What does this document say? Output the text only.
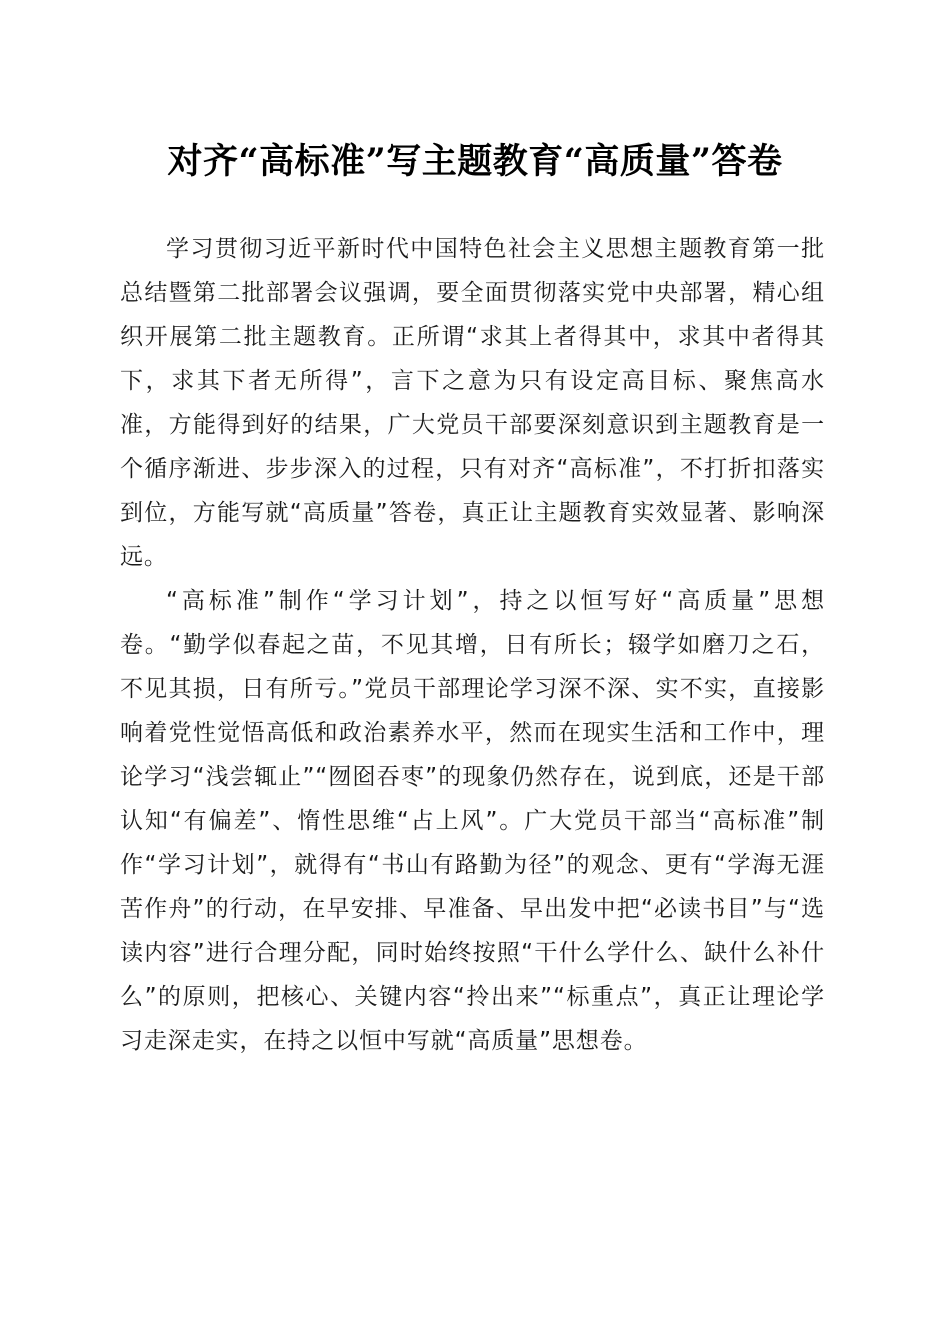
对齐“高标准”写主题教育“高质量”答卷

学习贯彻习近平新时代中国特色社会主义思想主题教育第一批总结暨第二批部署会议强调，要全面贯彻落实党中央部署，精心组织开展第二批主题教育。正所谓“求其上者得其中，求其中者得其下，求其下者无所得”，言下之意为只有设定高目标、聚焦高水准，方能得到好的结果，广大党员干部要深刻意识到主题教育是一个循序渐进、步步深入的过程，只有对齐“高标准”，不打折扣落实到位，方能写就“高质量”答卷，真正让主题教育实效显著、影响深远。

“高标准”制作“学习计划”，持之以恒写好“高质量”思想卷。“勤学似春起之苗，不见其增，日有所长；辍学如磨刀之石，不见其损，日有所亏。”党员干部理论学习深不深、实不实，直接影响着党性觉悟高低和政治素养水平，然而在现实生活和工作中，理论学习“浅尝辄止”“囫囵吞枣”的现象仍然存在，说到底，还是干部认知“有偏差”、惰性思维“占上风”。广大党员干部当“高标准”制作“学习计划”，就得有“书山有路勤为径”的观念、更有“学海无涯苦作舟”的行动，在早安排、早准备、早出发中把“必读书目”与“选读内容”进行合理分配，同时始终按照“干什么学什么、缺什么补什么”的原则，把核心、关键内容“拎出来”“标重点”，真正让理论学习走深走实，在持之以恒中写就“高质量”思想卷。
